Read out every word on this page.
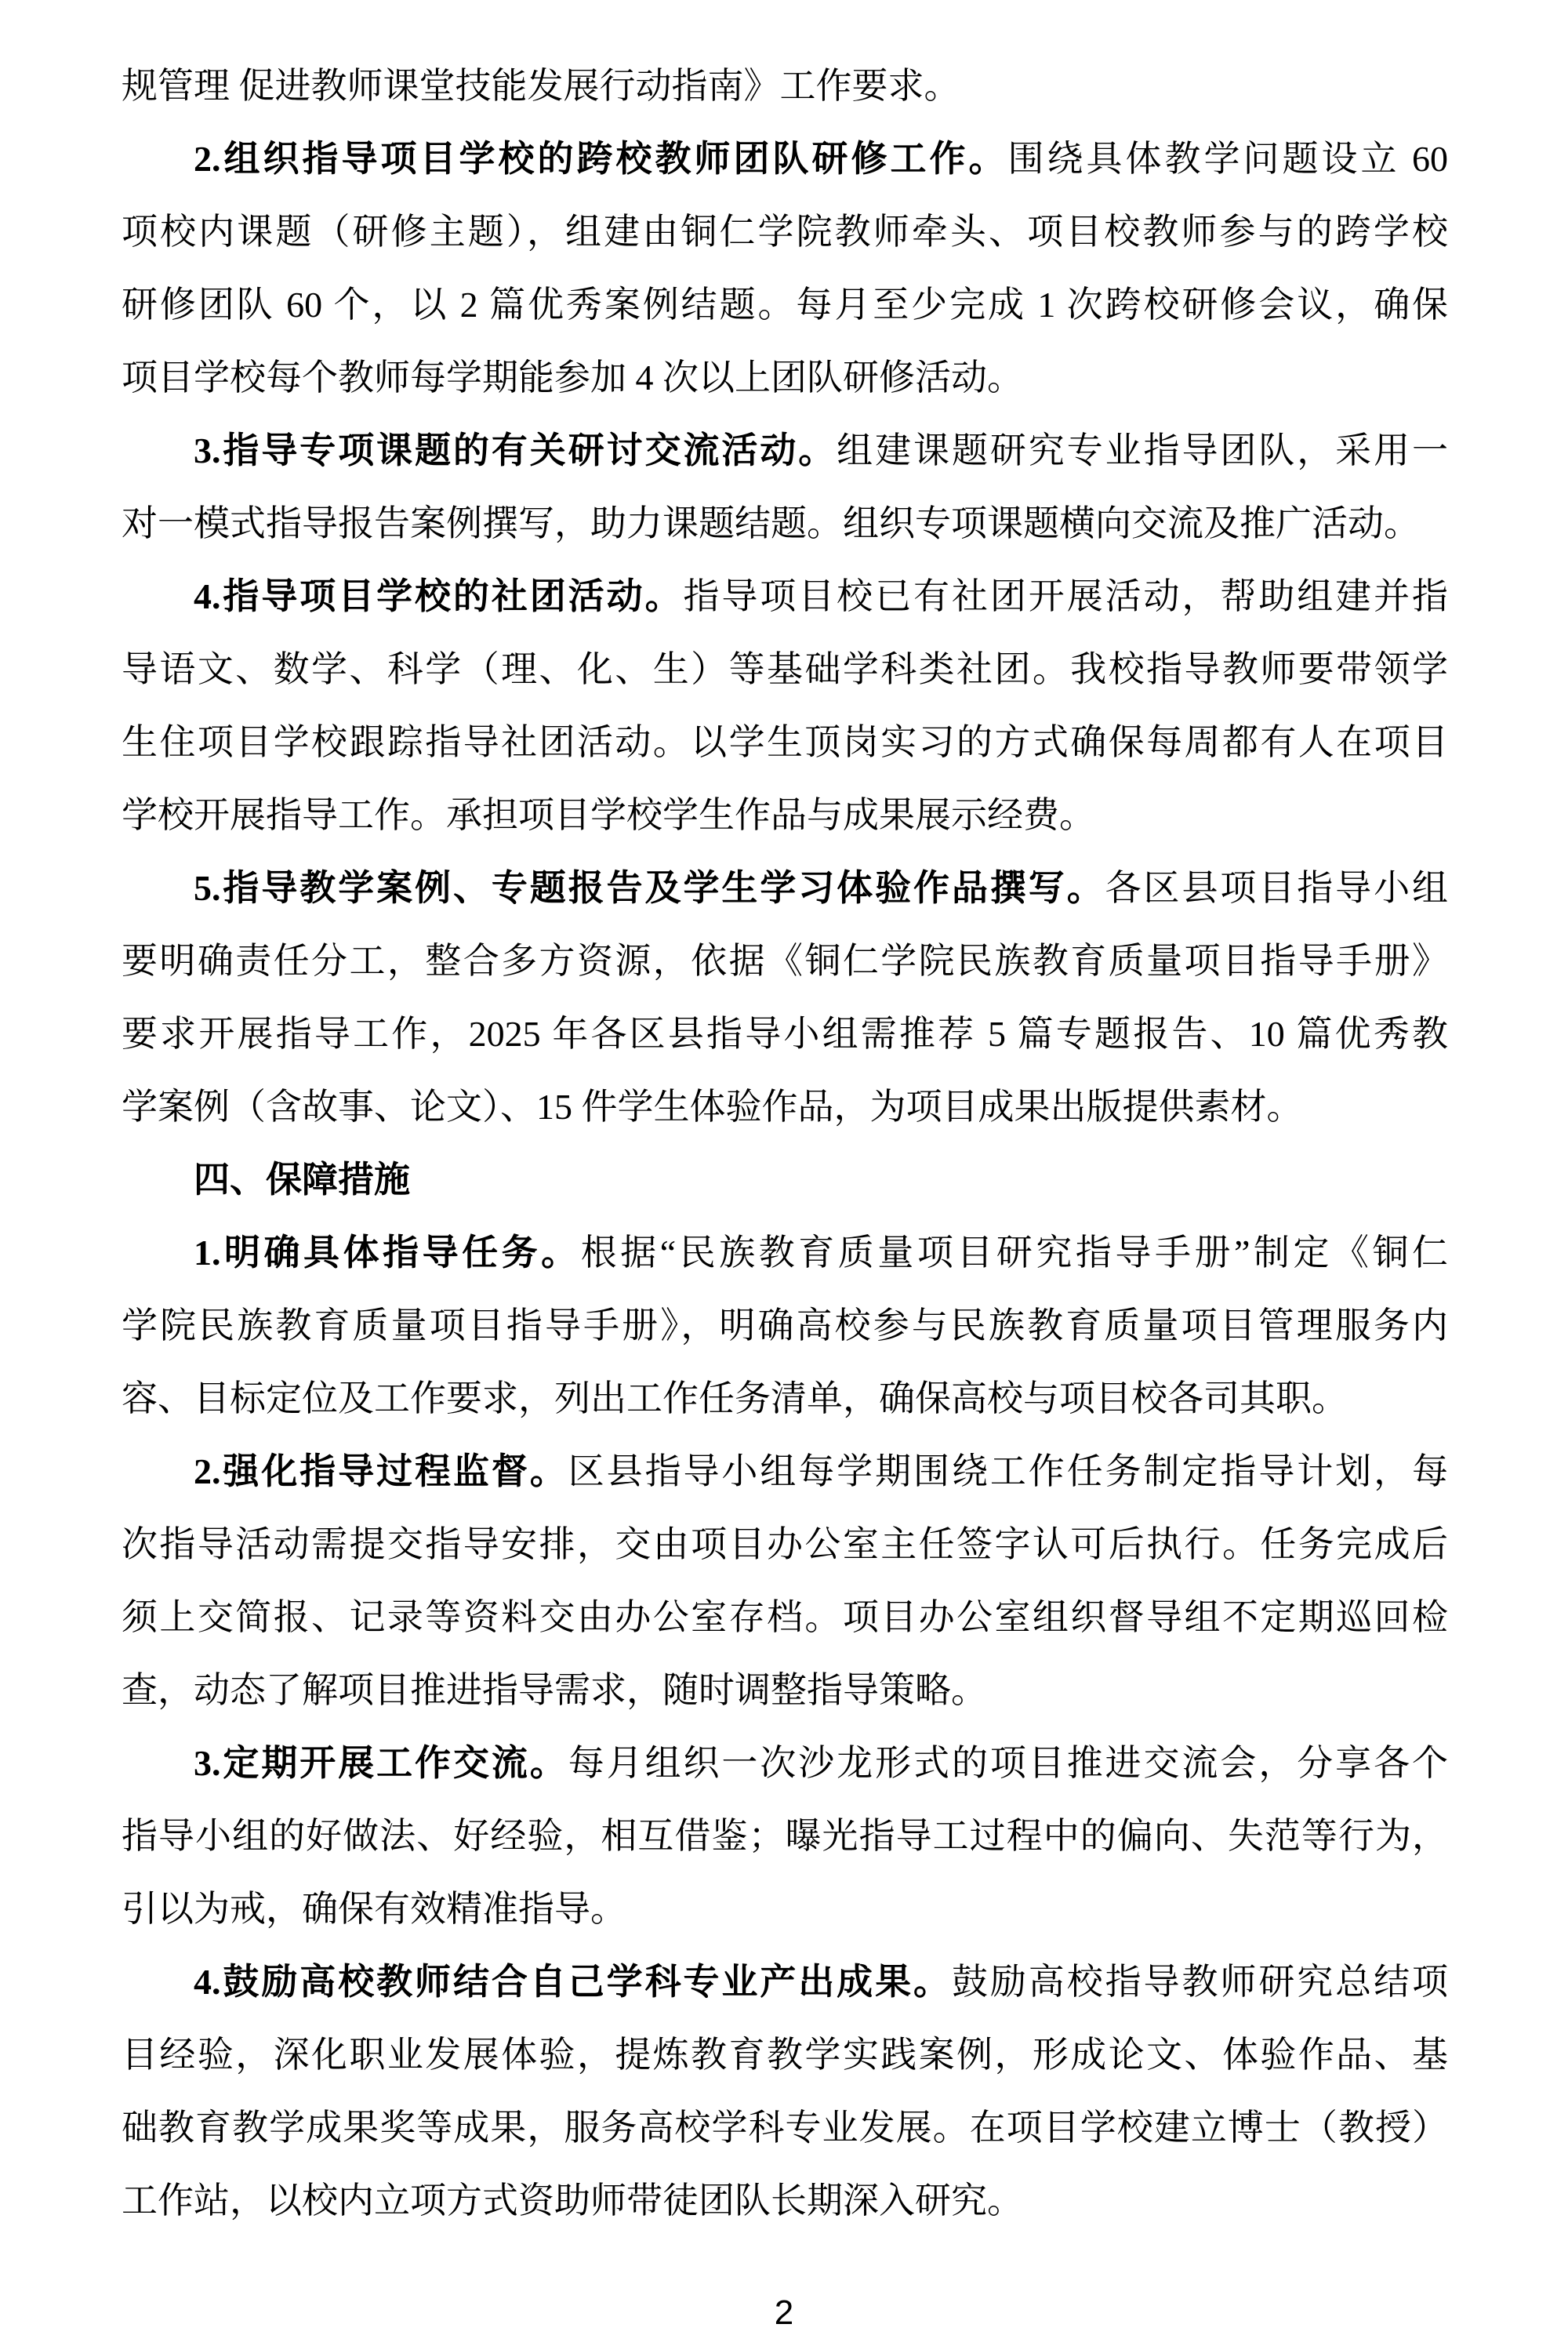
规管理 促进教师课堂技能发展行动指南》工作要求。
2.组织指导项目学校的跨校教师团队研修工作。围绕具体教学问题设立 60
项校内课题（研修主题），组建由铜仁学院教师牵头、项目校教师参与的跨学校
研修团队 60 个，以 2 篇优秀案例结题。每月至少完成 1 次跨校研修会议，确保
项目学校每个教师每学期能参加 4 次以上团队研修活动。
3.指导专项课题的有关研讨交流活动。组建课题研究专业指导团队，采用一
对一模式指导报告案例撰写，助力课题结题。组织专项课题横向交流及推广活动。
4.指导项目学校的社团活动。指导项目校已有社团开展活动，帮助组建并指
导语文、数学、科学（理、化、生）等基础学科类社团。我校指导教师要带领学
生住项目学校跟踪指导社团活动。以学生顶岗实习的方式确保每周都有人在项目
学校开展指导工作。承担项目学校学生作品与成果展示经费。
5.指导教学案例、专题报告及学生学习体验作品撰写。各区县项目指导小组
要明确责任分工，整合多方资源，依据《铜仁学院民族教育质量项目指导手册》
要求开展指导工作，2025 年各区县指导小组需推荐 5 篇专题报告、10 篇优秀教
学案例（含故事、论文）、15 件学生体验作品，为项目成果出版提供素材。
四、保障措施
1.明确具体指导任务。根据“民族教育质量项目研究指导手册”制定《铜仁
学院民族教育质量项目指导手册》，明确高校参与民族教育质量项目管理服务内
容、目标定位及工作要求，列出工作任务清单，确保高校与项目校各司其职。
2.强化指导过程监督。区县指导小组每学期围绕工作任务制定指导计划，每
次指导活动需提交指导安排，交由项目办公室主任签字认可后执行。任务完成后
须上交简报、记录等资料交由办公室存档。项目办公室组织督导组不定期巡回检
查，动态了解项目推进指导需求，随时调整指导策略。
3.定期开展工作交流。每月组织一次沙龙形式的项目推进交流会，分享各个
指导小组的好做法、好经验，相互借鉴；曝光指导工过程中的偏向、失范等行为，
引以为戒，确保有效精准指导。
4.鼓励高校教师结合自己学科专业产出成果。鼓励高校指导教师研究总结项
目经验，深化职业发展体验，提炼教育教学实践案例，形成论文、体验作品、基
础教育教学成果奖等成果，服务高校学科专业发展。在项目学校建立博士（教授）
工作站，以校内立项方式资助师带徒团队长期深入研究。
2
